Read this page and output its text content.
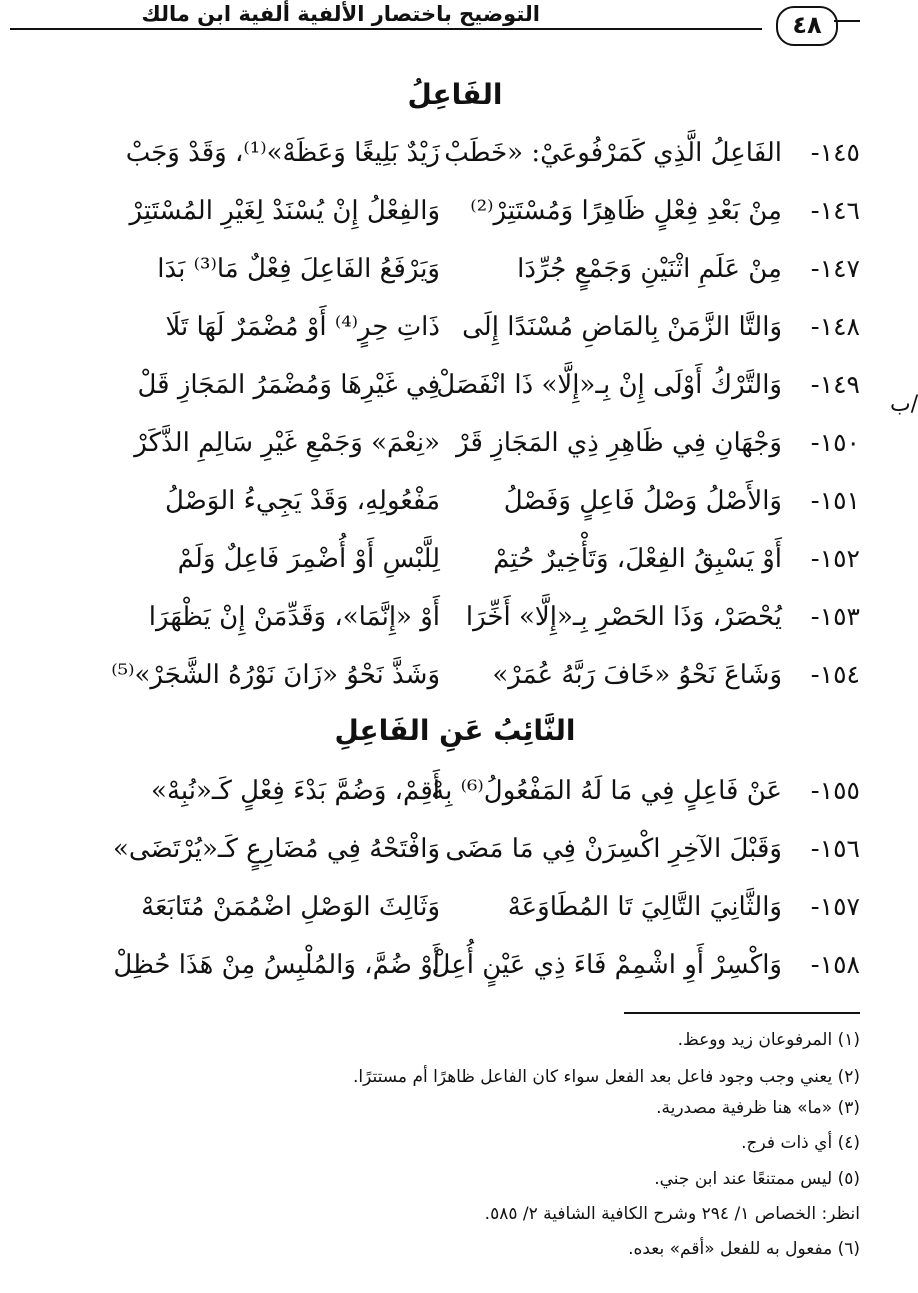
التوضيح باختصار الألفية ألفية ابن مالك	٤٨
الفَاعِلُ
١٤٥-
الفَاعِلُ الَّذِي كَمَرْفُوعَيْ: «خَطَبْ
زَيْدٌ بَلِيغًا وَعَظَهْ»⁽¹⁾، وَقَدْ وَجَبْ
١٤٦-
مِنْ بَعْدِ فِعْلٍ ظَاهِرًا وَمُسْتَتِرْ⁽²⁾
وَالفِعْلُ إِنْ يُسْنَدْ لِغَيْرِ المُسْتَتِرْ
١٤٧-
مِنْ عَلَمِ اثْنَيْنِ وَجَمْعٍ جُرِّدَا
وَيَرْفَعُ الفَاعِلَ فِعْلٌ مَا⁽³⁾ بَدَا
١٤٨-
وَالتَّا الزَّمَنْ بِالمَاضِ مُسْنَدًا إِلَى
ذَاتِ حِرٍ⁽⁴⁾ أَوْ مُضْمَرٌ لَهَا تَلَا
١٤٩-
وَالتَّرْكُ أَوْلَى إِنْ بِـ«إِلَّا» ذَا انْفَصَلْ
فِي غَيْرِهَا وَمُضْمَرُ المَجَازِ قَلْ
١٥٠-
وَجْهَانِ فِي ظَاهِرِ ذِي المَجَازِ قَرْ
«نِعْمَ» وَجَمْعِ غَيْرِ سَالِمِ الذَّكَرْ
١٥١-
وَالأَصْلُ وَصْلُ فَاعِلٍ وَفَصْلُ
مَفْعُولِهِ، وَقَدْ يَجِيءُ الوَصْلُ
١٥٢-
أَوْ يَسْبِقُ الفِعْلَ، وَتَأْخِيرٌ حُتِمْ
لِلَّبْسِ أَوْ أُضْمِرَ فَاعِلٌ وَلَمْ
١٥٣-
يُحْصَرْ، وَذَا الحَصْرِ بِـ«إِلَّا» أَخِّرَا
أَوْ «إِنَّمَا»، وَقَدِّمَنْ إِنْ يَظْهَرَا
١٥٤-
وَشَاعَ نَحْوُ «خَافَ رَبَّهُ عُمَرْ»
وَشَذَّ نَحْوُ «زَانَ نَوْرُهُ الشَّجَرْ»⁽⁵⁾
النَّائِبُ عَنِ الفَاعِلِ
١٥٥-
عَنْ فَاعِلٍ فِي مَا لَهُ المَفْعُولُ⁽⁶⁾ بِهْ
أَقِمْ، وَضُمَّ بَدْءَ فِعْلٍ كَـ«نُبِهْ»
١٥٦-
وَقَبْلَ الآخِرِ اكْسِرَنْ فِي مَا مَضَى
وَافْتَحْهُ فِي مُضَارِعٍ كَـ«يُرْتَضَى»
١٥٧-
وَالثَّانِيَ التَّالِيَ تَا المُطَاوَعَهْ
وَثَالِثَ الوَصْلِ اضْمُمَنْ مُتَابَعَهْ
١٥٨-
وَاكْسِرْ أَوِ اشْمِمْ فَاءَ ذِي عَيْنٍ أُعِلْ
أَوْ ضُمَّ، وَالمُلْبِسُ مِنْ هَذَا حُظِلْ
ب/
(١) المرفوعان زيد ووعظ.
(٢) يعني وجب وجود فاعل بعد الفعل سواء كان الفاعل ظاهرًا أم مستترًا.
(٣) «ما» هنا ظرفية مصدرية.
(٤) أي ذات فرج.
(٥) ليس ممتنعًا عند ابن جني.
انظر: الخصاص ١/ ٢٩٤ وشرح الكافية الشافية ٢/ ٥٨٥.
(٦) مفعول به للفعل «أقم» بعده.
